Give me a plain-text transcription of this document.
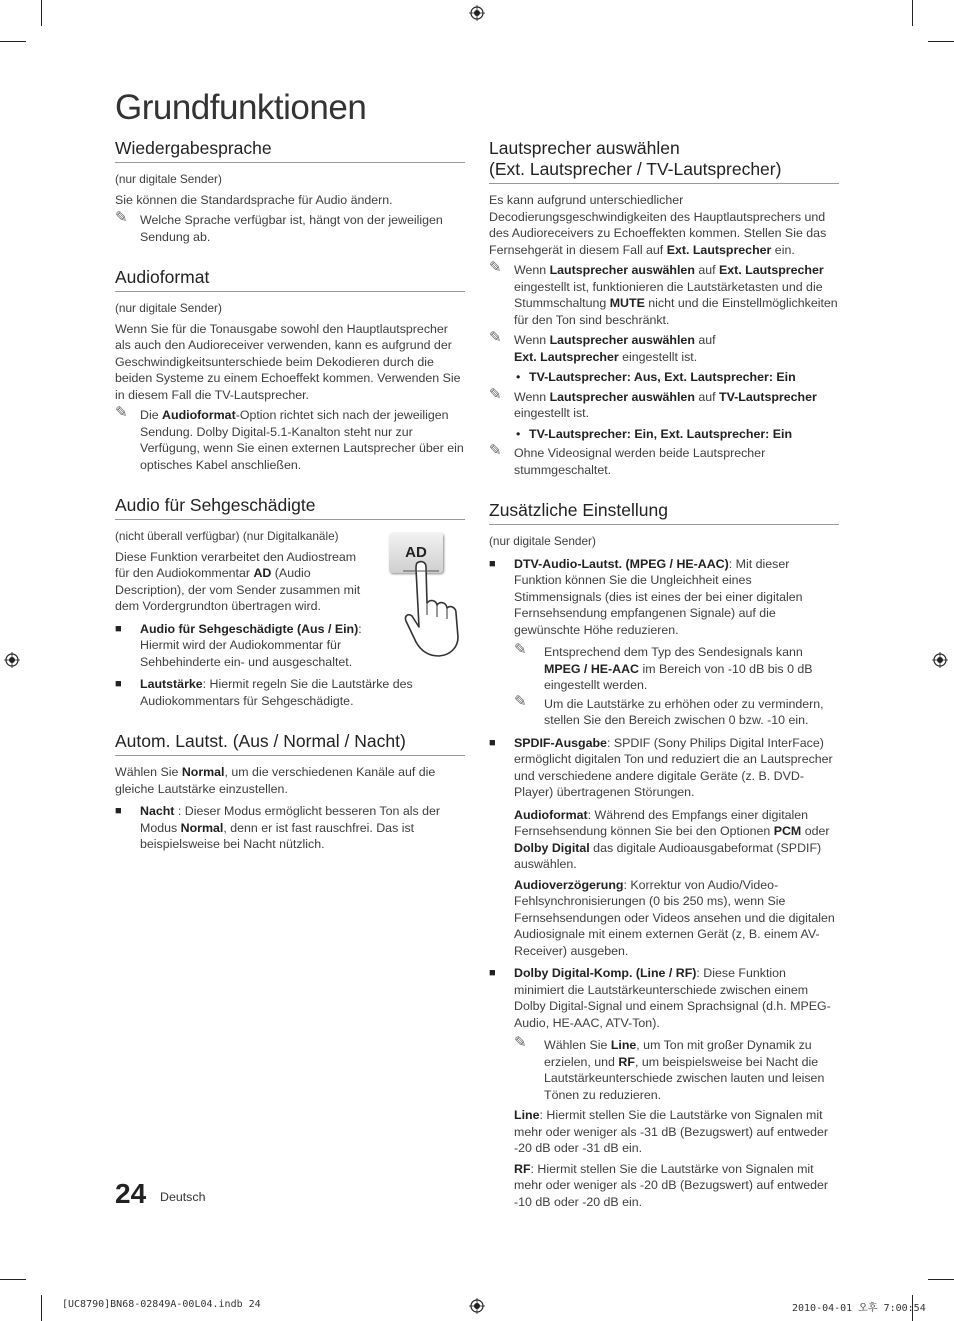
Grundfunktionen
Wiedergabesprache

(nur digitale Sender)

Sie können die Standardsprache für Audio ändern.

✎ Welche Sprache verfügbar ist, hängt von der jeweiligen Sendung ab.
Audioformat

(nur digitale Sender)

Wenn Sie für die Tonausgabe sowohl den Hauptlautsprecher als auch den Audioreceiver verwenden, kann es aufgrund der Geschwindigkeitsunterschiede beim Dekodieren durch die beiden Systeme zu einem Echoeffekt kommen. Verwenden Sie in diesem Fall die TV-Lautsprecher.

✎ Die Audioformat-Option richtet sich nach der jeweiligen Sendung. Dolby Digital-5.1-Kanalton steht nur zur Verfügung, wenn Sie einen externen Lautsprecher über ein optisches Kabel anschließen.
Audio für Sehgeschädigte

(nicht überall verfügbar) (nur Digitalkanäle)

Diese Funktion verarbeitet den Audiostream für den Audiokommentar AD (Audio Description), der vom Sender zusammen mit dem Vordergrundton übertragen wird.

■ Audio für Sehgeschädigte (Aus / Ein): Hiermit wird der Audiokommentar für Sehbehinderte ein- und ausgeschaltet.
■ Lautstärke: Hiermit regeln Sie die Lautstärke des Audiokommentars für Sehgeschädigte.
Autom. Lautst. (Aus / Normal / Nacht)

Wählen Sie Normal, um die verschiedenen Kanäle auf die gleiche Lautstärke einzustellen.

■ Nacht : Dieser Modus ermöglicht besseren Ton als der Modus Normal, denn er ist fast rauschfrei. Das ist beispielsweise bei Nacht nützlich.
AD
Lautsprecher auswählen
(Ext. Lautsprecher / TV-Lautsprecher)

Es kann aufgrund unterschiedlicher Decodierungsgeschwindigkeiten des Hauptlautsprechers und des Audioreceivers zu Echoeffekten kommen. Stellen Sie das Fernsehgerät in diesem Fall auf Ext. Lautsprecher ein.

✎ Wenn Lautsprecher auswählen auf Ext. Lautsprecher eingestellt ist, funktionieren die Lautstärketasten und die Stummschaltung MUTE nicht und die Einstellmöglichkeiten für den Ton sind beschränkt.
✎ Wenn Lautsprecher auswählen auf
Ext. Lautsprecher eingestellt ist.
• TV-Lautsprecher: Aus, Ext. Lautsprecher: Ein
✎ Wenn Lautsprecher auswählen auf TV-Lautsprecher eingestellt ist.
• TV-Lautsprecher: Ein, Ext. Lautsprecher: Ein
✎ Ohne Videosignal werden beide Lautsprecher stummgeschaltet.
Zusätzliche Einstellung

(nur digitale Sender)

■ DTV-Audio-Lautst. (MPEG / HE-AAC): Mit dieser Funktion können Sie die Ungleichheit eines Stimmensignals (dies ist eines der bei einer digitalen Fernsehsendung empfangenen Signale) auf die gewünschte Höhe reduzieren.
✎ Entsprechend dem Typ des Sendesignals kann MPEG / HE-AAC im Bereich von -10 dB bis 0 dB eingestellt werden.
✎ Um die Lautstärke zu erhöhen oder zu vermindern, stellen Sie den Bereich zwischen 0 bzw. -10 ein.
■ SPDIF-Ausgabe: SPDIF (Sony Philips Digital InterFace) ermöglicht digitalen Ton und reduziert die an Lautsprecher und verschiedene andere digitale Geräte (z. B. DVD-Player) übertragenen Störungen.
Audioformat: Während des Empfangs einer digitalen Fernsehsendung können Sie bei den Optionen PCM oder Dolby Digital das digitale Audioausgabeformat (SPDIF) auswählen.
Audioverzögerung: Korrektur von Audio/Video-Fehlsynchronisierungen (0 bis 250 ms), wenn Sie Fernsehsendungen oder Videos ansehen und die digitalen Audiosignale mit einem externen Gerät (z, B. einem AV-Receiver) ausgeben.
■ Dolby Digital-Komp. (Line / RF): Diese Funktion minimiert die Lautstärkeunterschiede zwischen einem Dolby Digital-Signal und einem Sprachsignal (d.h. MPEG-Audio, HE-AAC, ATV-Ton).
✎ Wählen Sie Line, um Ton mit großer Dynamik zu erzielen, und RF, um beispielsweise bei Nacht die Lautstärkeunterschiede zwischen lauten und leisen Tönen zu reduzieren.
Line: Hiermit stellen Sie die Lautstärke von Signalen mit mehr oder weniger als -31 dB (Bezugswert) auf entweder -20 dB oder -31 dB ein.
RF: Hiermit stellen Sie die Lautstärke von Signalen mit mehr oder weniger als -20 dB (Bezugswert) auf entweder -10 dB oder -20 dB ein.
24 Deutsch
[UC8790]BN68-02849A-00L04.indb 24	2010-04-01 오후 7:00:54
